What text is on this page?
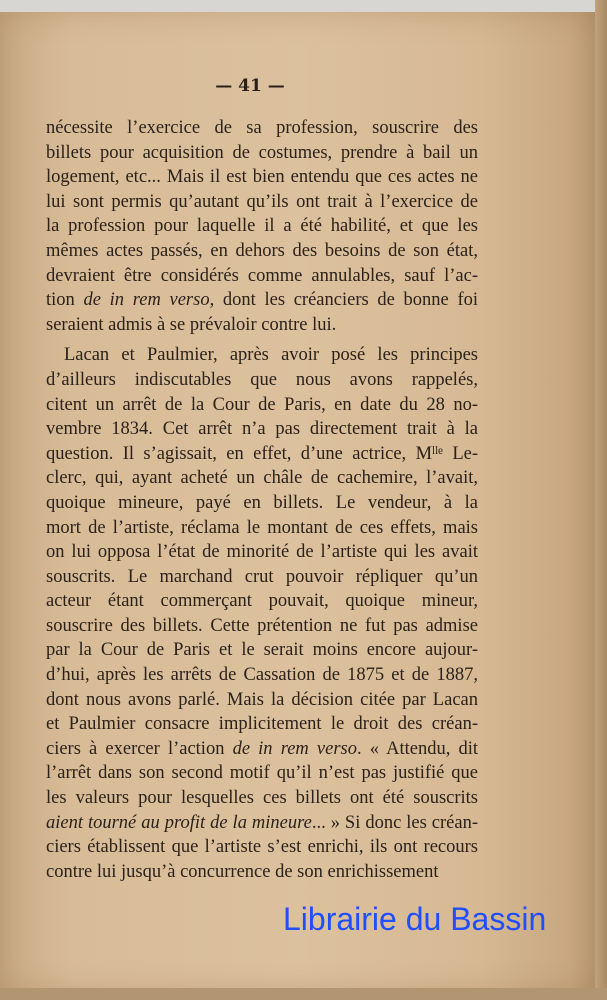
— 41 —
nécessite l’exercice de sa profession, souscrire des
billets pour acquisition de costumes, prendre à bail un
logement, etc... Mais il est bien entendu que ces actes ne
lui sont permis qu’autant qu’ils ont trait à l’exercice de
la profession pour laquelle il a été habilité, et que les
mêmes actes passés, en dehors des besoins de son état,
devraient être considérés comme annulables, sauf l’ac-
tion de in rem verso, dont les créanciers de bonne foi
seraient admis à se prévaloir contre lui.
Lacan et Paulmier, après avoir posé les principes
d’ailleurs indiscutables que nous avons rappelés,
citent un arrêt de la Cour de Paris, en date du 28 no-
vembre 1834. Cet arrêt n’a pas directement trait à la
question. Il s’agissait, en effet, d’une actrice, Mˡˡᵉ Le-
clerc, qui, ayant acheté un châle de cachemire, l’avait,
quoique mineure, payé en billets. Le vendeur, à la
mort de l’artiste, réclama le montant de ces effets, mais
on lui opposa l’état de minorité de l’artiste qui les avait
souscrits. Le marchand crut pouvoir répliquer qu’un
acteur étant commerçant pouvait, quoique mineur,
souscrire des billets. Cette prétention ne fut pas admise
par la Cour de Paris et le serait moins encore aujour-
d’hui, après les arrêts de Cassation de 1875 et de 1887,
dont nous avons parlé. Mais la décision citée par Lacan
et Paulmier consacre implicitement le droit des créan-
ciers à exercer l’action de in rem verso. « Attendu, dit
l’arrêt dans son second motif qu’il n’est pas justifié que
les valeurs pour lesquelles ces billets ont été souscrits
aient tourné au profit de la mineure... » Si donc les créan-
ciers établissent que l’artiste s’est enrichi, ils ont recours
contre lui jusqu’à concurrence de son enrichissement
Librairie du Bassin
